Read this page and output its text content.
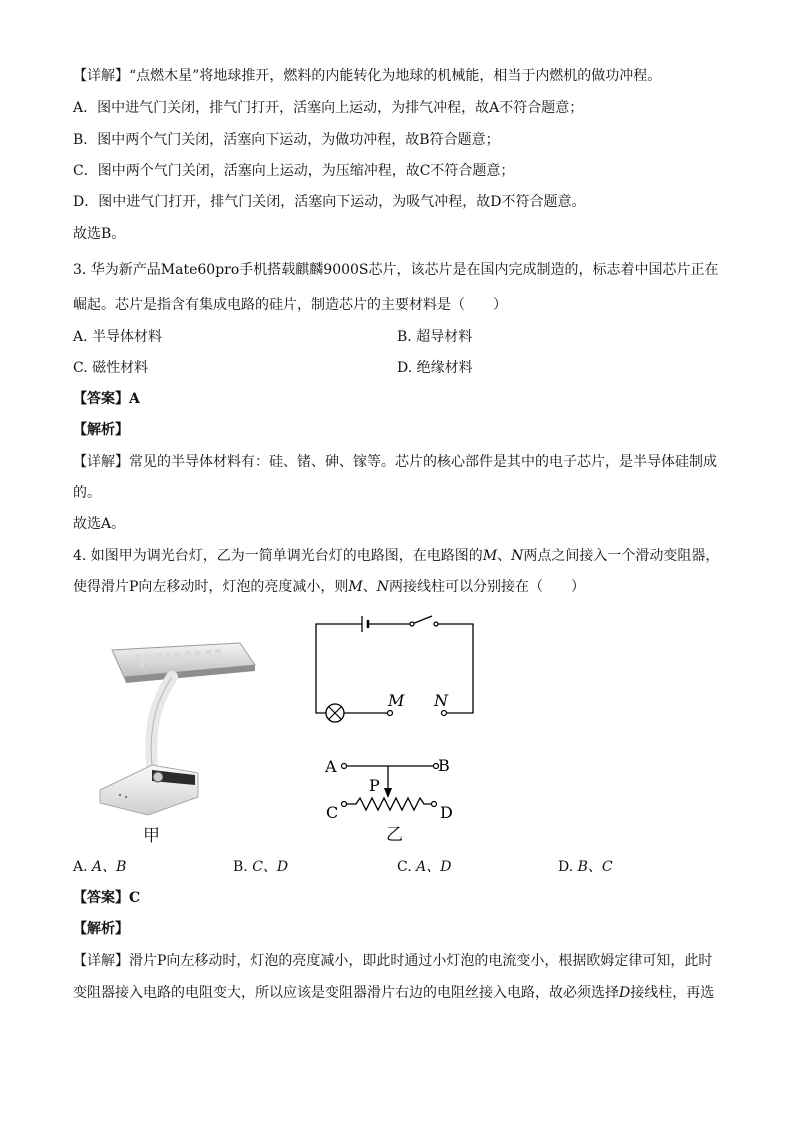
【详解】“点燃木星”将地球推开，燃料的内能转化为地球的机械能，相当于内燃机的做功冲程。
A．图中进气门关闭，排气门打开，活塞向上运动，为排气冲程，故A不符合题意；
B．图中两个气门关闭，活塞向下运动，为做功冲程，故B符合题意；
C．图中两个气门关闭，活塞向上运动，为压缩冲程，故C不符合题意；
D．图中进气门打开，排气门关闭，活塞向下运动，为吸气冲程，故D不符合题意。
故选B。
3. 华为新产品Mate60pro手机搭载麒麟9000S芯片，该芯片是在国内完成制造的，标志着中国芯片正在
崛起。芯片是指含有集成电路的硅片，制造芯片的主要材料是（　　）
A. 半导体材料	B. 超导材料
C. 磁性材料	D. 绝缘材料
【答案】A
【解析】
【详解】常见的半导体材料有：硅、锗、砷、镓等。芯片的核心部件是其中的电子芯片，是半导体硅制成
的。
故选A。
4. 如图甲为调光台灯，乙为一简单调光台灯的电路图，在电路图的M、N两点之间接入一个滑动变阻器，
使得滑片P向左移动时，灯泡的亮度减小，则M、N两接线柱可以分别接在（　　）
甲
M N
A	B
P
C	D
乙
A. A、B	B. C、D	C. A、D	D. B、C
【答案】C
【解析】
【详解】滑片P向左移动时，灯泡的亮度减小，即此时通过小灯泡的电流变小，根据欧姆定律可知，此时
变阻器接入电路的电阻变大，所以应该是变阻器滑片右边的电阻丝接入电路，故必须选择D接线柱，再选
